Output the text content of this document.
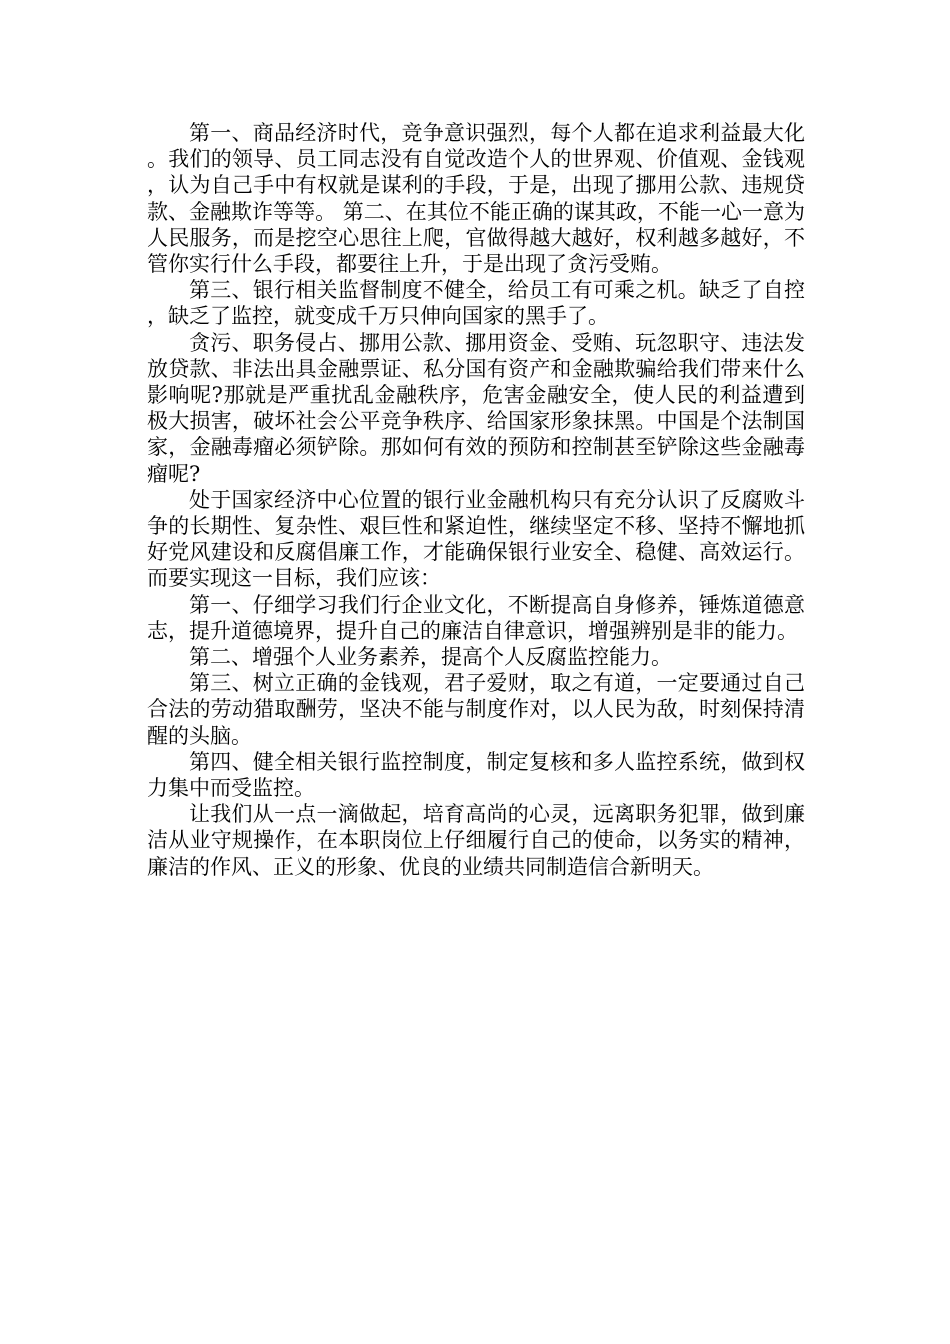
第一、商品经济时代，竞争意识强烈，每个人都在追求利益最大化。我们的领导、员工同志没有自觉改造个人的世界观、价值观、金钱观，认为自己手中有权就是谋利的手段，于是，出现了挪用公款、违规贷款、金融欺诈等等。 第二、在其位不能正确的谋其政，不能一心一意为人民服务，而是挖空心思往上爬，官做得越大越好，权利越多越好，不管你实行什么手段，都要往上升，于是出现了贪污受贿。

第三、银行相关监督制度不健全，给员工有可乘之机。缺乏了自控，缺乏了监控，就变成千万只伸向国家的黑手了。

贪污、职务侵占、挪用公款、挪用资金、受贿、玩忽职守、违法发放贷款、非法出具金融票证、私分国有资产和金融欺骗给我们带来什么影响呢?那就是严重扰乱金融秩序，危害金融安全，使人民的利益遭到极大损害，破坏社会公平竞争秩序、给国家形象抹黑。中国是个法制国家，金融毒瘤必须铲除。那如何有效的预防和控制甚至铲除这些金融毒瘤呢?

处于国家经济中心位置的银行业金融机构只有充分认识了反腐败斗争的长期性、复杂性、艰巨性和紧迫性，继续坚定不移、坚持不懈地抓好党风建设和反腐倡廉工作，才能确保银行业安全、稳健、高效运行。而要实现这一目标，我们应该：

第一、仔细学习我们行企业文化，不断提高自身修养，锤炼道德意志，提升道德境界，提升自己的廉洁自律意识，增强辨别是非的能力。

第二、增强个人业务素养，提高个人反腐监控能力。

第三、树立正确的金钱观，君子爱财，取之有道，一定要通过自己合法的劳动猎取酬劳，坚决不能与制度作对，以人民为敌，时刻保持清醒的头脑。

第四、健全相关银行监控制度，制定复核和多人监控系统，做到权力集中而受监控。

让我们从一点一滴做起，培育高尚的心灵，远离职务犯罪，做到廉洁从业守规操作，在本职岗位上仔细履行自己的使命，以务实的精神，廉洁的作风、正义的形象、优良的业绩共同制造信合新明天。
